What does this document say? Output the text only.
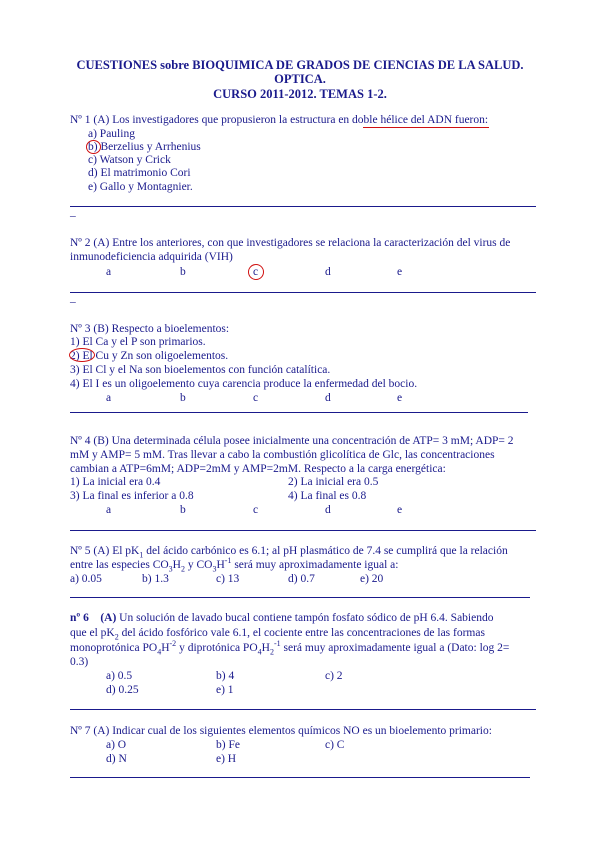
CUESTIONES sobre BIOQUIMICA DE GRADOS DE CIENCIAS DE LA SALUD.
OPTICA.
CURSO 2011-2012. TEMAS 1-2.
Nº 1 (A) Los investigadores que propusieron la estructura en doble hélice del ADN fueron:
a) Pauling
b) Berzelius y Arrhenius
c) Watson y Crick
d) El matrimonio Cori
e) Gallo y Montagnier.
–
Nº 2 (A) Entre los anteriores, con que investigadores se relaciona la caracterización del virus de
inmunodeficiencia adquirida (VIH)
a	b	c	d	e
–
Nº 3 (B) Respecto a bioelementos:
1) El Ca y el P son primarios.
2) El Cu y Zn son oligoelementos.
3) El Cl y el Na son bioelementos con función catalítica.
4) El I es un oligoelemento cuya carencia produce la enfermedad del bocio.
a	b	c	d	e
Nº 4 (B) Una determinada célula posee inicialmente una concentración de ATP= 3 mM; ADP= 2
mM y AMP= 5 mM. Tras llevar a cabo la combustión glicolítica de Glc, las concentraciones
cambian a ATP=6mM; ADP=2mM y AMP=2mM. Respecto a la carga energética:
1) La inicial era 0.4	2) La inicial era 0.5
3) La final es inferior a 0.8	4) La final es 0.8
a	b	c	d	e
Nº 5 (A) El $pK_1$ del ácido carbónico es 6.1; al pH plasmático de 7.4 se cumplirá que la relación
entre las especies $CO_3H_2$ y $CO_3H^{-1}$ será muy aproximadamente igual a:
a) 0.05	b) 1.3	c) 13	d) 0.7	e) 20
nº 6 (A) Un solución de lavado bucal contiene tampón fosfato sódico de pH 6.4. Sabiendo
que el $pK_2$ del ácido fosfórico vale 6.1, el cociente entre las concentraciones de las formas
monoprotónica $PO_4H^{-2}$ y diprotónica $PO_4H_2^{-1}$ será muy aproximadamente igual a (Dato: log 2=
0.3)
a) 0.5	b) 4	c) 2
d) 0.25	e) 1
Nº 7 (A) Indicar cual de los siguientes elementos químicos NO es un bioelemento primario:
a) O	b) Fe	c) C
d) N	e) H
